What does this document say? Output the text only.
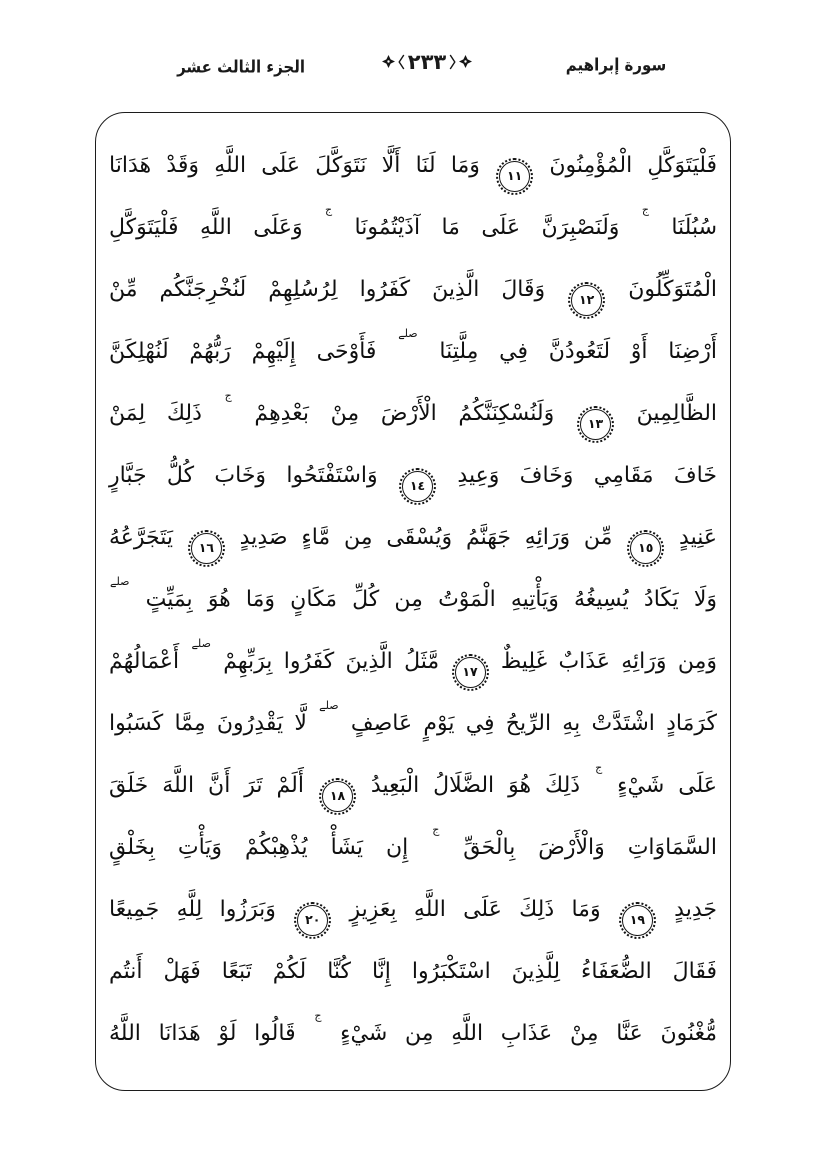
الجزء الثالث عشر	٢٣٣	سورة إبراهيم
فَلْيَتَوَكَّلِ الْمُؤْمِنُونَ ١١ وَمَا لَنَا أَلَّا نَتَوَكَّلَ عَلَى اللَّهِ وَقَدْ هَدَانَا
سُبُلَنَا ج وَلَنَصْبِرَنَّ عَلَى مَا آذَيْتُمُونَا ج وَعَلَى اللَّهِ فَلْيَتَوَكَّلِ
الْمُتَوَكِّلُونَ ١٢ وَقَالَ الَّذِينَ كَفَرُوا لِرُسُلِهِمْ لَنُخْرِجَنَّكُم مِّنْ
أَرْضِنَا أَوْ لَتَعُودُنَّ فِي مِلَّتِنَا صلے فَأَوْحَى إِلَيْهِمْ رَبُّهُمْ لَنُهْلِكَنَّ
الظَّالِمِينَ ١٣ وَلَنُسْكِنَنَّكُمُ الْأَرْضَ مِنْ بَعْدِهِمْ ج ذَلِكَ لِمَنْ
خَافَ مَقَامِي وَخَافَ وَعِيدِ ١٤ وَاسْتَفْتَحُوا وَخَابَ كُلُّ جَبَّارٍ
عَنِيدٍ ١٥ مِّن وَرَائِهِ جَهَنَّمُ وَيُسْقَى مِن مَّاءٍ صَدِيدٍ ١٦ يَتَجَرَّعُهُ
وَلَا يَكَادُ يُسِيغُهُ وَيَأْتِيهِ الْمَوْتُ مِن كُلِّ مَكَانٍ وَمَا هُوَ بِمَيِّتٍ صلے
وَمِن وَرَائِهِ عَذَابٌ غَلِيظٌ ١٧ مَّثَلُ الَّذِينَ كَفَرُوا بِرَبِّهِمْ صلے أَعْمَالُهُمْ
كَرَمَادٍ اشْتَدَّتْ بِهِ الرِّيحُ فِي يَوْمٍ عَاصِفٍ صلے لَّا يَقْدِرُونَ مِمَّا كَسَبُوا
عَلَى شَيْءٍ ج ذَلِكَ هُوَ الضَّلَالُ الْبَعِيدُ ١٨ أَلَمْ تَرَ أَنَّ اللَّهَ خَلَقَ
السَّمَاوَاتِ وَالْأَرْضَ بِالْحَقِّ ج إِن يَشَأْ يُذْهِبْكُمْ وَيَأْتِ بِخَلْقٍ
جَدِيدٍ ١٩ وَمَا ذَلِكَ عَلَى اللَّهِ بِعَزِيزٍ ٢٠ وَبَرَزُوا لِلَّهِ جَمِيعًا
فَقَالَ الضُّعَفَاءُ لِلَّذِينَ اسْتَكْبَرُوا إِنَّا كُنَّا لَكُمْ تَبَعًا فَهَلْ أَنتُم
مُّغْنُونَ عَنَّا مِنْ عَذَابِ اللَّهِ مِن شَيْءٍ ج قَالُوا لَوْ هَدَانَا اللَّهُ
